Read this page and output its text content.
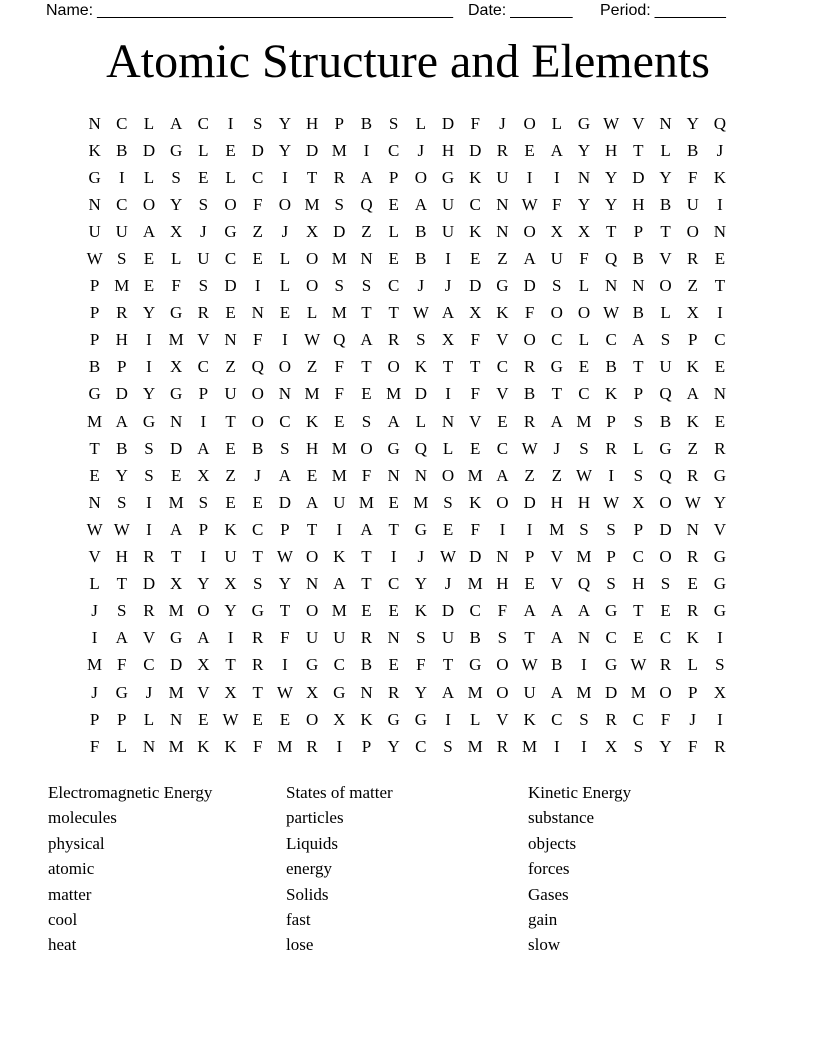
Name: ________________________________________ Date: _______ Period: ________
Atomic Structure and Elements
N C L A C	I	S Y H P B S	L D F	J	O L G W V N Y Q
K B D G L E D Y D M I	C	J	H D R E A Y H T L B	J
G	I	L	S	E L C	I	T R A P O G K U	I	I	N Y D Y F K
N C O Y S O F O M S Q E A U C N W F Y Y H B U	I
U U A X	J	G Z	J	X D Z L B U K N O X X T	P	T O N
W S	E L U C E L O M N E B	I	E Z A U F Q B V R E
P M E	F	S D	I	L O S	S C	J	J	D G D S	L N N O Z T
P R Y G R E N E L M T T W A X K F O O W B L X	I
P H	I M V N F	I W Q A R S X F V O C L C A S	P C
B P	I	X C Z Q O Z	F	T O K T T C R G E B T U K E
G D Y G P U O N M F	E M D	I	F V B T C K P Q A N
M A G N	I	T O C K E	S A L N V E R A M P	S B K E
T B S D A E B S H M O G Q L E C W J	S R L G Z R
E Y S	E X Z	J	A E M F N N O M A Z Z W I	S Q R G
N S	I M S	E E D A U M E M S K O D H H W X O W Y
W W I	A P K C P	T	I	A T G E	F	I	I M S	S	P D N V
V H R T	I	U T W O K T	I	J W D N P V M P C O R G
L T D X Y X S Y N A T C Y	J M H E V Q S H S	E G
J	S R M O Y G T O M E E K D C F A A A G T E R G
I	A V G A	I	R F U U R N S U B S	T A N C E C K	I
M F C D X T R	I	G C B E	F	T G O W B	I	G W R L	S
J	G	J M V X T W X G N R Y A M O U A M D M O P X
P	P	L N E W E E O X K G G	I	L V K C S R C F	J	I
F	L N M K K F M R	I	P Y C S M R M I	I	X S Y F R
Electromagnetic Energy
molecules
physical
atomic
matter
cool
heat
States of matter
particles
Liquids
energy
Solids
fast
lose
Kinetic Energy
substance
objects
forces
Gases
gain
slow
